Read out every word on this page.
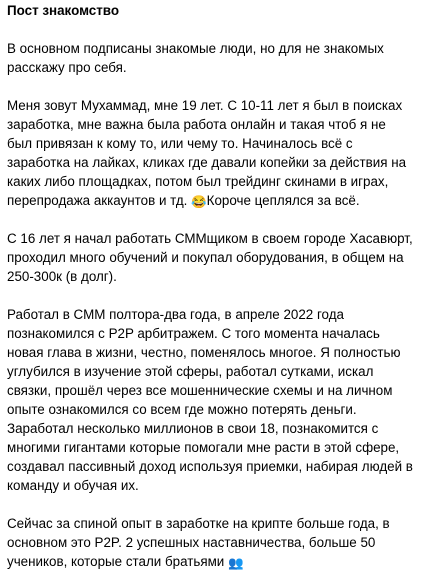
Пост знакомство
В основном подписаны знакомые люди, но для не знакомых расскажу про себя.
Меня зовут Мухаммад, мне 19 лет. С 10-11 лет я был в поисках заработка, мне важна была работа онлайн и такая чтоб я не был привязан к кому то, или чему то. Начиналось всё с заработка на лайках, кликах где давали копейки за действия на каких либо площадках, потом был трейдинг скинами в играх, перепродажа аккаунтов и тд. 😂Короче цеплялся за всё.
С 16 лет я начал работать СММщиком в своем городе Хасавюрт, проходил много обучений и покупал оборудования, в общем на 250-300к (в долг).
Работал в СММ полтора-два года, в апреле 2022 года познакомился с P2P арбитражем. С того момента началась новая глава в жизни, честно, поменялось многое. Я полностью углубился в изучение этой сферы, работал сутками, искал связки, прошёл через все мошеннические схемы и на личном опыте ознакомился со всем где можно потерять деньги. Заработал несколько миллионов в свои 18, познакомится с многими гигантами которые помогали мне расти в этой сфере, создавал пассивный доход используя приемки, набирая людей в команду и обучая их.
Сейчас за спиной опыт в заработке на крипте больше года, в основном это P2P. 2 успешных наставничества, больше 50 учеников, которые стали братьями 👥
